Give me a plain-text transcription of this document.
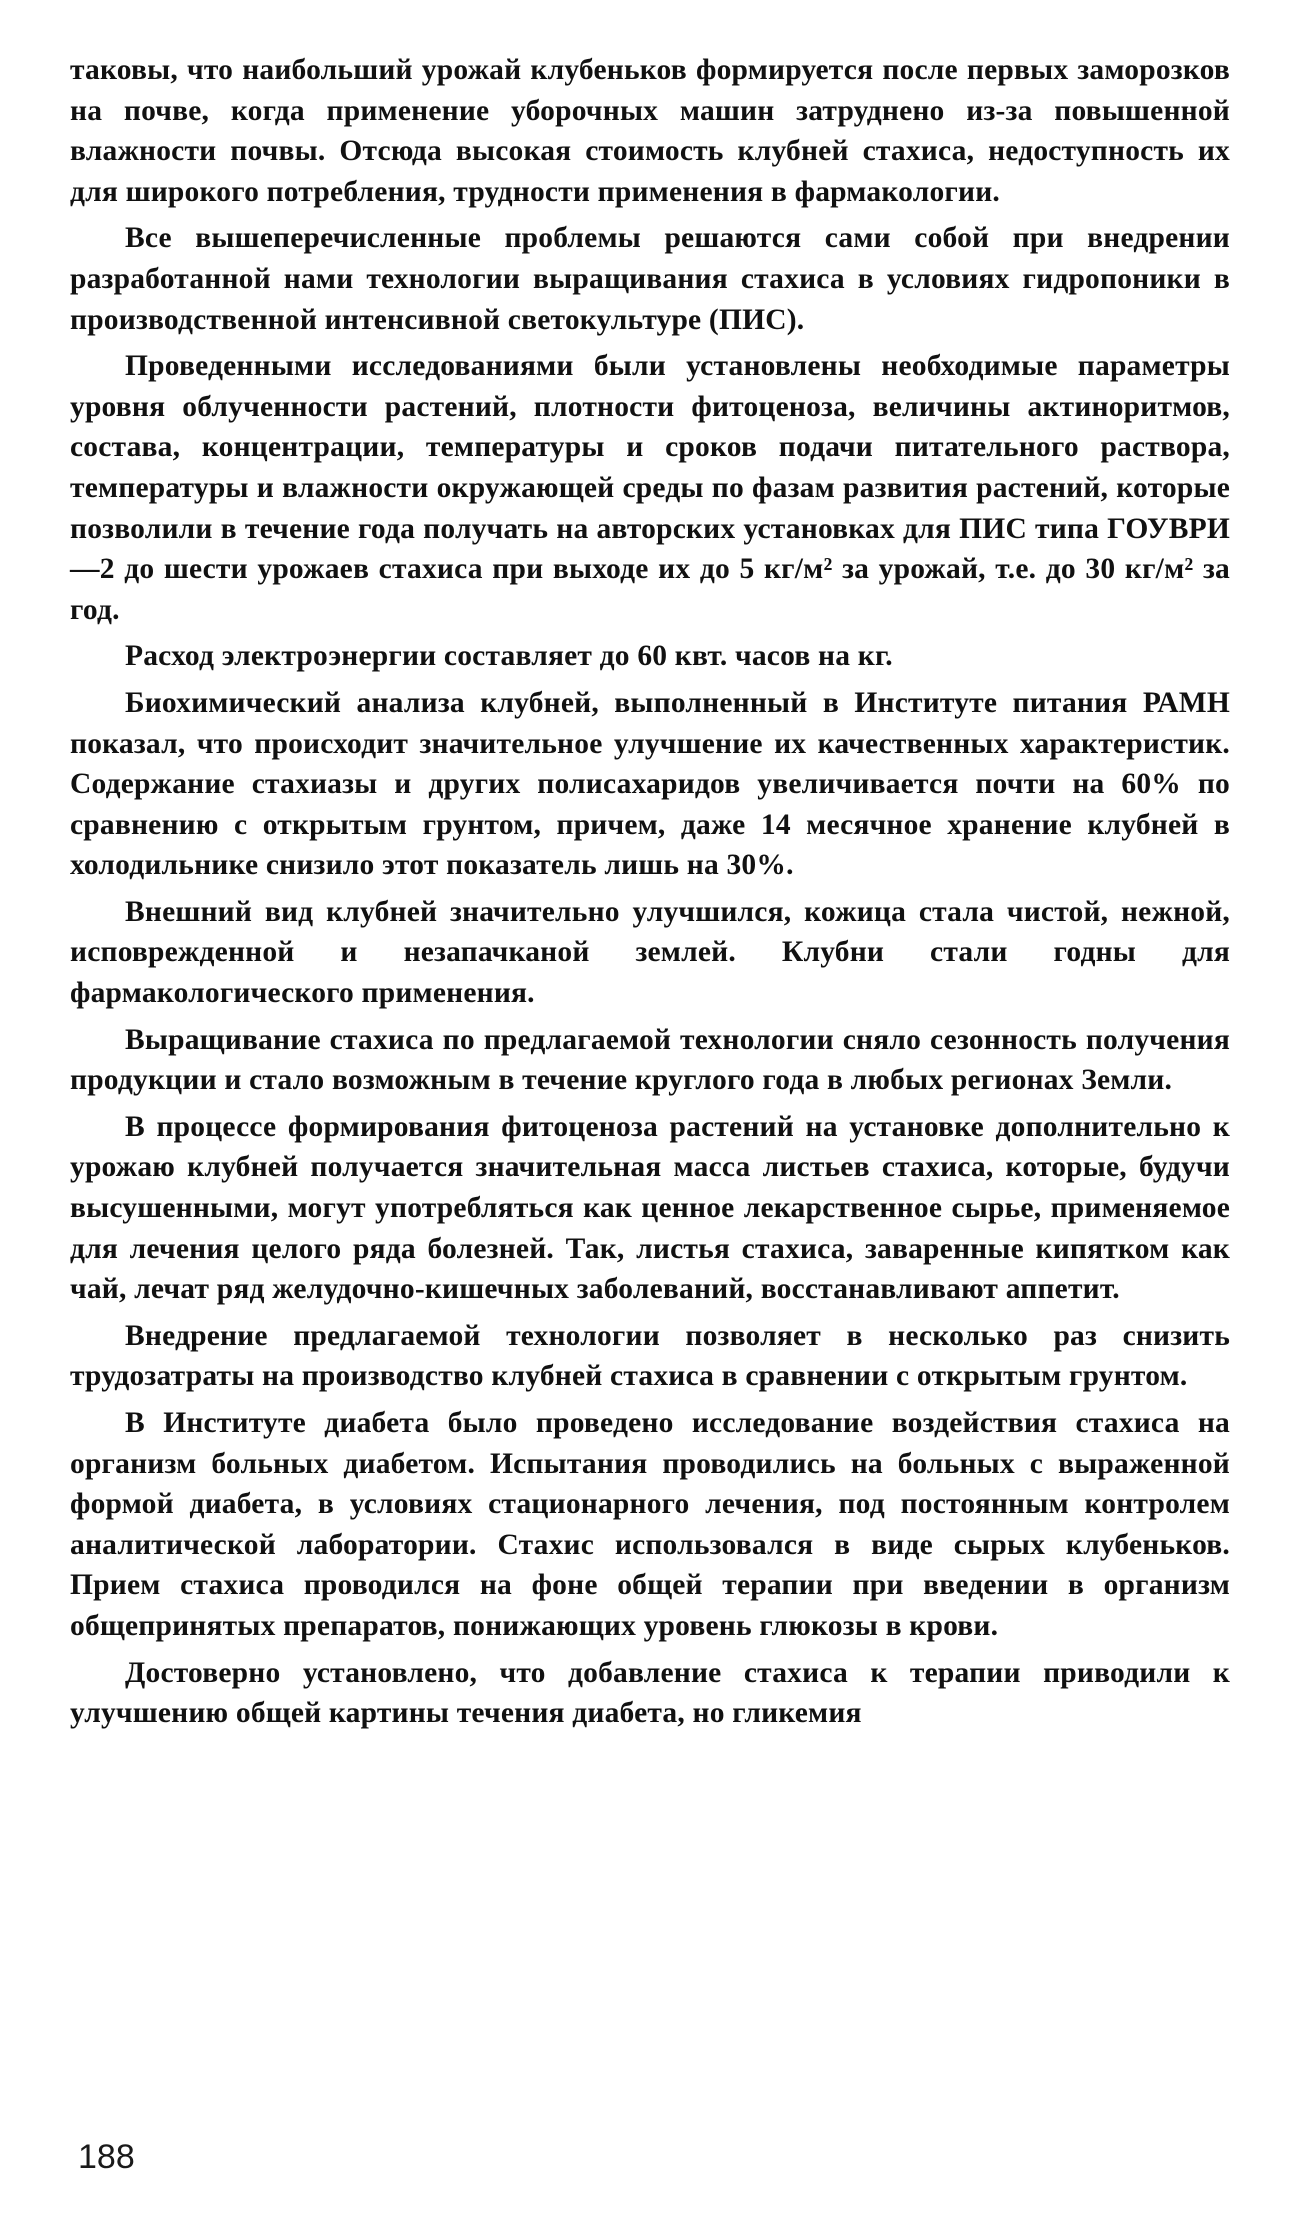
таковы, что наибольший урожай клубеньков формируется после первых заморозков на почве, когда применение уборочных машин затруднено из-за повышенной влажности почвы. Отсюда высокая стоимость клубней стахиса, недоступность их для широкого потребления, трудности применения в фармакологии.

Все вышеперечисленные проблемы решаются сами собой при внедрении разработанной нами технологии выращивания стахиса в условиях гидропоники в производственной интенсивной светокультуре (ПИС).

Проведенными исследованиями были установлены необходимые параметры уровня облученности растений, плотности фитоценоза, величины актиноритмов, состава, концентрации, температуры и сроков подачи питательного раствора, температуры и влажности окружающей среды по фазам развития растений, которые позволили в течение года получать на авторских установках для ПИС типа ГОУВРИ—2 до шести урожаев стахиса при выходе их до 5 кг/м² за урожай, т.е. до 30 кг/м² за год.

Расход электроэнергии составляет до 60 квт. часов на кг.

Биохимический анализа клубней, выполненный в Институте питания РАМН показал, что происходит значительное улучшение их качественных характеристик. Содержание стахиазы и других полисахаридов увеличивается почти на 60% по сравнению с открытым грунтом, причем, даже 14 месячное хранение клубней в холодильнике снизило этот показатель лишь на 30%.

Внешний вид клубней значительно улучшился, кожица стала чистой, нежной, исповрежденной и незапачканой землей. Клубни стали годны для фармакологического применения.

Выращивание стахиса по предлагаемой технологии сняло сезонность получения продукции и стало возможным в течение круглого года в любых регионах Земли.

В процессе формирования фитоценоза растений на установке дополнительно к урожаю клубней получается значительная масса листьев стахиса, которые, будучи высушенными, могут употребляться как ценное лекарственное сырье, применяемое для лечения целого ряда болезней. Так, листья стахиса, заваренные кипятком как чай, лечат ряд желудочно-кишечных заболеваний, восстанавливают аппетит.

Внедрение предлагаемой технологии позволяет в несколько раз снизить трудозатраты на производство клубней стахиса в сравнении с открытым грунтом.

В Институте диабета было проведено исследование воздействия стахиса на организм больных диабетом. Испытания проводились на больных с выраженной формой диабета, в условиях стационарного лечения, под постоянным контролем аналитической лаборатории. Стахис использовался в виде сырых клубеньков. Прием стахиса проводился на фоне общей терапии при введении в организм общепринятых препаратов, понижающих уровень глюкозы в крови.

Достоверно установлено, что добавление стахиса к терапии приводили к улучшению общей картины течения диабета, но гликемия

188
